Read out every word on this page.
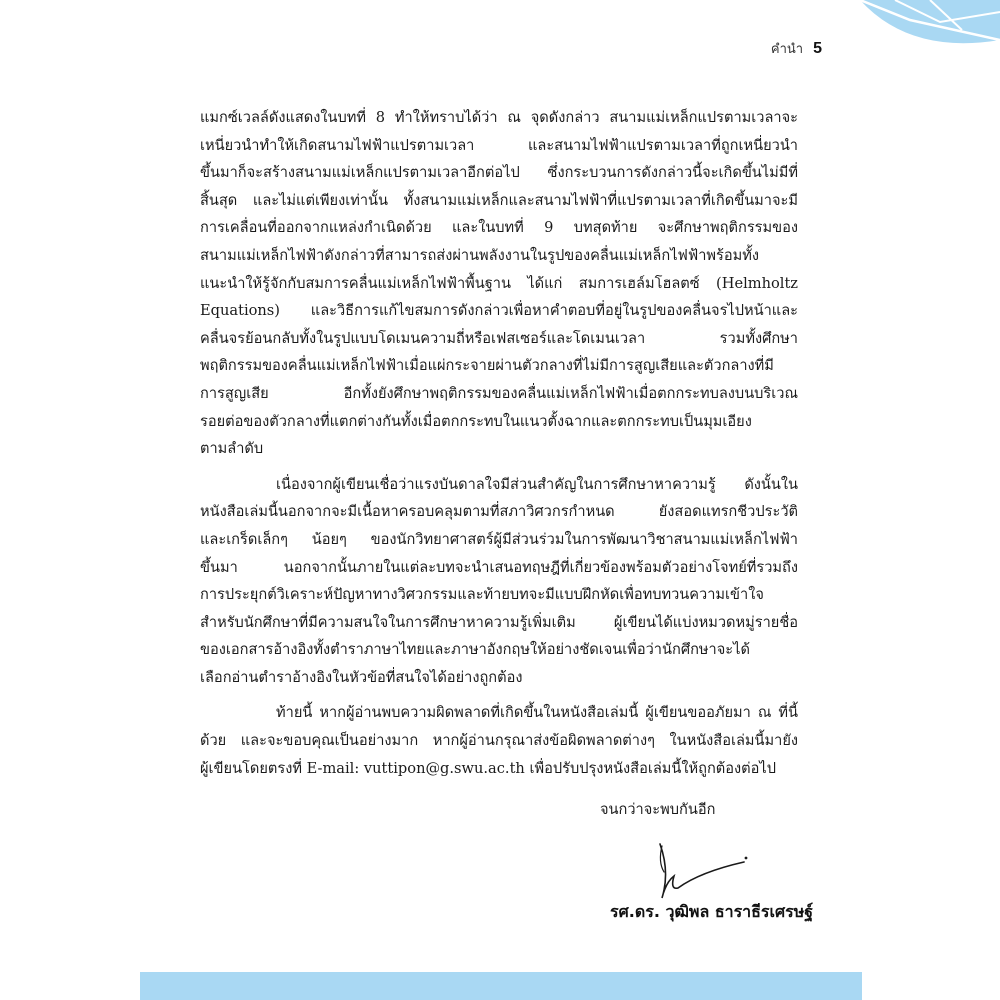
คำนำ 5
แมกซ์เวลล์ดังแสดงในบทที่ 8 ทำให้ทราบได้ว่า ณ จุดดังกล่าว สนามแม่เหล็กแปรตามเวลาจะ
เหนี่ยวนำทำให้เกิดสนามไฟฟ้าแปรตามเวลา และสนามไฟฟ้าแปรตามเวลาที่ถูกเหนี่ยวนำ
ขึ้นมาก็จะสร้างสนามแม่เหล็กแปรตามเวลาอีกต่อไป ซึ่งกระบวนการดังกล่าวนี้จะเกิดขึ้นไม่มีที่
สิ้นสุด และไม่แต่เพียงเท่านั้น ทั้งสนามแม่เหล็กและสนามไฟฟ้าที่แปรตามเวลาที่เกิดขึ้นมาจะมี
การเคลื่อนที่ออกจากแหล่งกำเนิดด้วย และในบทที่ 9 บทสุดท้าย จะศึกษาพฤติกรรมของ
สนามแม่เหล็กไฟฟ้าดังกล่าวที่สามารถส่งผ่านพลังงานในรูปของคลื่นแม่เหล็กไฟฟ้าพร้อมทั้ง
แนะนำให้รู้จักกับสมการคลื่นแม่เหล็กไฟฟ้าพื้นฐาน ได้แก่ สมการเฮล์มโฮลตซ์ (Helmholtz
Equations) และวิธีการแก้ไขสมการดังกล่าวเพื่อหาคำตอบที่อยู่ในรูปของคลื่นจรไปหน้าและ
คลื่นจรย้อนกลับทั้งในรูปแบบโดเมนความถี่หรือเฟสเซอร์และโดเมนเวลา รวมทั้งศึกษา
พฤติกรรมของคลื่นแม่เหล็กไฟฟ้าเมื่อแผ่กระจายผ่านตัวกลางที่ไม่มีการสูญเสียและตัวกลางที่มี
การสูญเสีย อีกทั้งยังศึกษาพฤติกรรมของคลื่นแม่เหล็กไฟฟ้าเมื่อตกกระทบลงบนบริเวณ
รอยต่อของตัวกลางที่แตกต่างกันทั้งเมื่อตกกระทบในแนวตั้งฉากและตกกระทบเป็นมุมเอียง
ตามลำดับ
เนื่องจากผู้เขียนเชื่อว่าแรงบันดาลใจมีส่วนสำคัญในการศึกษาหาความรู้ ดังนั้นใน
หนังสือเล่มนี้นอกจากจะมีเนื้อหาครอบคลุมตามที่สภาวิศวกรกำหนด ยังสอดแทรกชีวประวัติ
และเกร็ดเล็กๆ น้อยๆ ของนักวิทยาศาสตร์ผู้มีส่วนร่วมในการพัฒนาวิชาสนามแม่เหล็กไฟฟ้า
ขึ้นมา นอกจากนั้นภายในแต่ละบทจะนำเสนอทฤษฎีที่เกี่ยวข้องพร้อมตัวอย่างโจทย์ที่รวมถึง
การประยุกต์วิเคราะห์ปัญหาทางวิศวกรรมและท้ายบทจะมีแบบฝึกหัดเพื่อทบทวนความเข้าใจ
สำหรับนักศึกษาที่มีความสนใจในการศึกษาหาความรู้เพิ่มเติม ผู้เขียนได้แบ่งหมวดหมู่รายชื่อ
ของเอกสารอ้างอิงทั้งตำราภาษาไทยและภาษาอังกฤษให้อย่างชัดเจนเพื่อว่านักศึกษาจะได้
เลือกอ่านตำราอ้างอิงในหัวข้อที่สนใจได้อย่างถูกต้อง
ท้ายนี้ หากผู้อ่านพบความผิดพลาดที่เกิดขึ้นในหนังสือเล่มนี้ ผู้เขียนขออภัยมา ณ ที่นี้
ด้วย และจะขอบคุณเป็นอย่างมาก หากผู้อ่านกรุณาส่งข้อผิดพลาดต่างๆ ในหนังสือเล่มนี้มายัง
ผู้เขียนโดยตรงที่ E-mail: vuttipon@g.swu.ac.th เพื่อปรับปรุงหนังสือเล่มนี้ให้ถูกต้องต่อไป
จนกว่าจะพบกันอีก
รศ.ดร. วุฒิพล ธาราธีรเศรษฐ์
